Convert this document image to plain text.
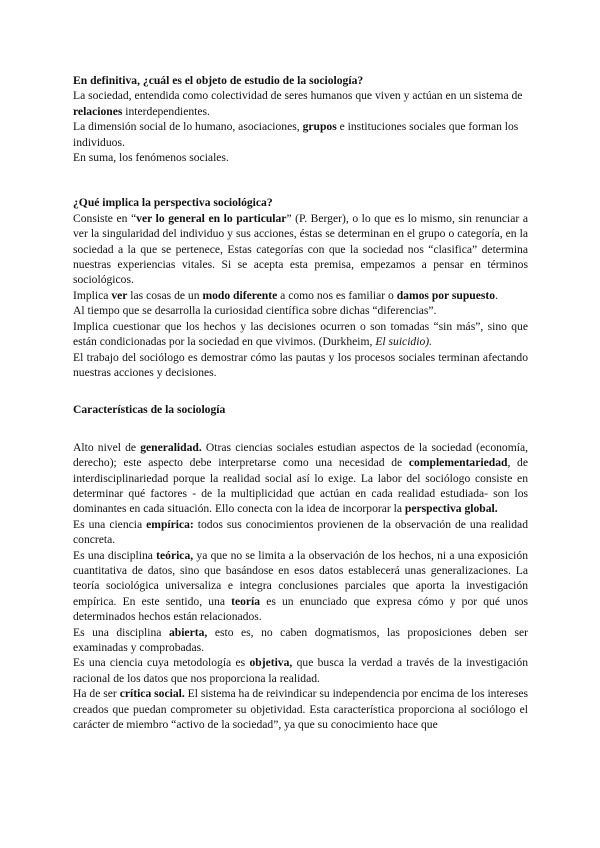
En definitiva, ¿cuál es el objeto de estudio de la sociología?

La sociedad, entendida como colectividad de seres humanos que viven y actúan en un sistema de relaciones interdependientes.

La dimensión social de lo humano, asociaciones, grupos e instituciones sociales que forman los individuos.

En suma, los fenómenos sociales.

¿Qué implica la perspectiva sociológica?

Consiste en “ver lo general en lo particular” (P. Berger), o lo que es lo mismo, sin renunciar a ver la singularidad del individuo y sus acciones, éstas se determinan en el grupo o categoría, en la sociedad a la que se pertenece, Estas categorías con que la sociedad nos “clasifica” determina nuestras experiencias vitales. Si se acepta esta premisa, empezamos a pensar en términos sociológicos.

Implica ver las cosas de un modo diferente a como nos es familiar o damos por supuesto.

Al tiempo que se desarrolla la curiosidad científica sobre dichas “diferencias”.

Implica cuestionar que los hechos y las decisiones ocurren o son tomadas “sin más”, sino que están condicionadas por la sociedad en que vivimos. (Durkheim, El suicidio).

El trabajo del sociólogo es demostrar cómo las pautas y los procesos sociales terminan afectando nuestras acciones y decisiones.

Características de la sociología

Alto nivel de generalidad. Otras ciencias sociales estudian aspectos de la sociedad (economía, derecho); este aspecto debe interpretarse como una necesidad de complementariedad, de interdisciplinariedad porque la realidad social así lo exige. La labor del sociólogo consiste en determinar qué factores - de la multiplicidad que actúan en cada realidad estudiada- son los dominantes en cada situación. Ello conecta con la idea de incorporar la perspectiva global.

Es una ciencia empírica: todos sus conocimientos provienen de la observación de una realidad concreta.

Es una disciplina teórica, ya que no se limita a la observación de los hechos, ni a una exposición cuantitativa de datos, sino que basándose en esos datos establecerá unas generalizaciones. La teoría sociológica universaliza e integra conclusiones parciales que aporta la investigación empírica. En este sentido, una teoría es un enunciado que expresa cómo y por qué unos determinados hechos están relacionados.

Es una disciplina abierta, esto es, no caben dogmatismos, las proposiciones deben ser examinadas y comprobadas.

Es una ciencia cuya metodología es objetiva, que busca la verdad a través de la investigación racional de los datos que nos proporciona la realidad.

Ha de ser crítica social. El sistema ha de reivindicar su independencia por encima de los intereses creados que puedan comprometer su objetividad. Esta característica proporciona al sociólogo el carácter de miembro “activo de la sociedad”, ya que su conocimiento hace que
